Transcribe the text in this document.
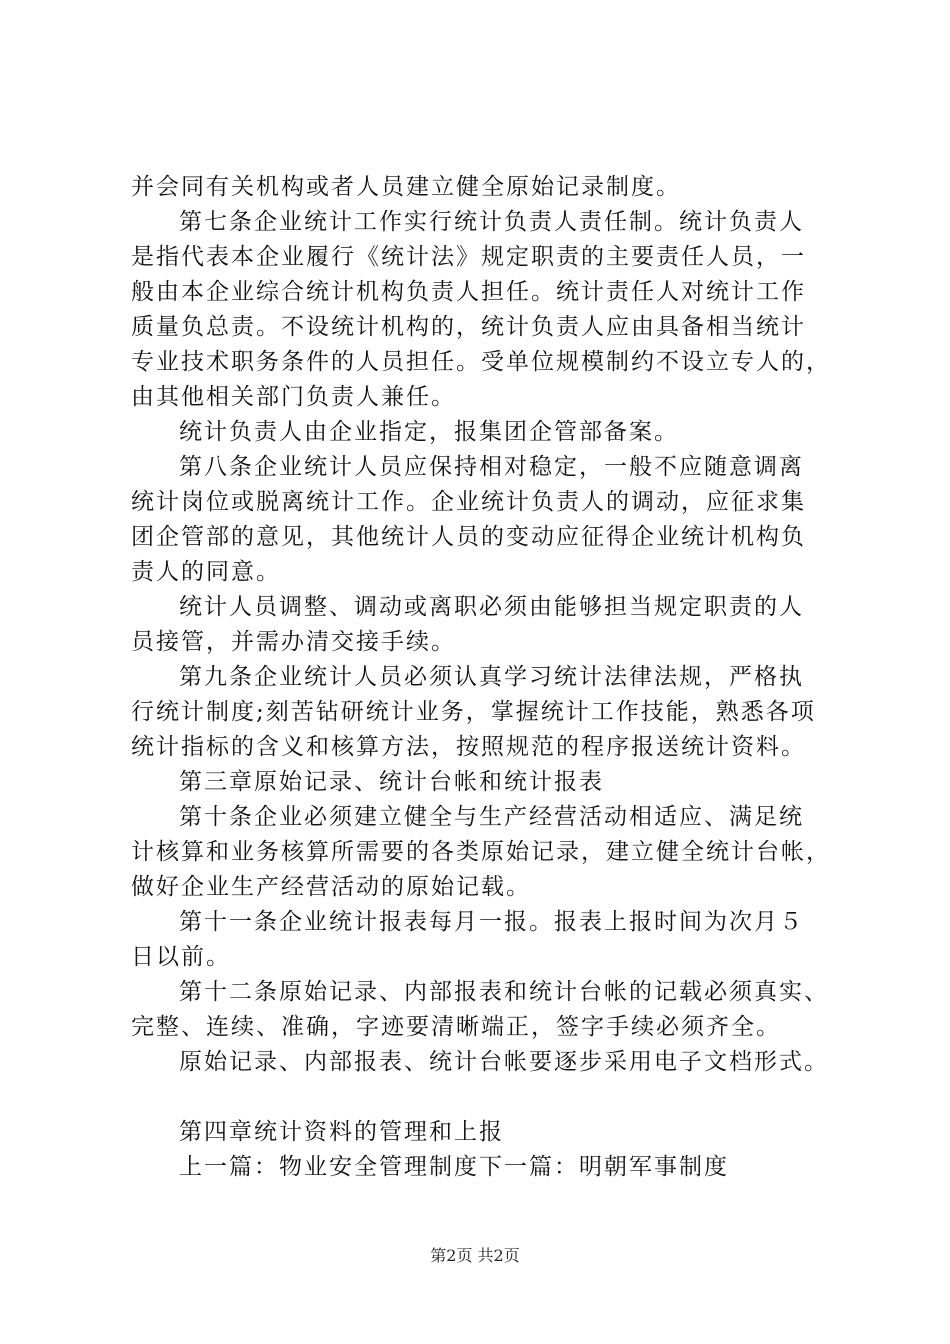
并会同有关机构或者人员建立健全原始记录制度。
第七条企业统计工作实行统计负责人责任制。统计负责人
是指代表本企业履行《统计法》规定职责的主要责任人员，一
般由本企业综合统计机构负责人担任。统计责任人对统计工作
质量负总责。不设统计机构的，统计负责人应由具备相当统计
专业技术职务条件的人员担任。受单位规模制约不设立专人的，
由其他相关部门负责人兼任。
统计负责人由企业指定，报集团企管部备案。
第八条企业统计人员应保持相对稳定，一般不应随意调离
统计岗位或脱离统计工作。企业统计负责人的调动，应征求集
团企管部的意见，其他统计人员的变动应征得企业统计机构负
责人的同意。
统计人员调整、调动或离职必须由能够担当规定职责的人
员接管，并需办清交接手续。
第九条企业统计人员必须认真学习统计法律法规，严格执
行统计制度;刻苦钻研统计业务，掌握统计工作技能，熟悉各项
统计指标的含义和核算方法，按照规范的程序报送统计资料。
第三章原始记录、统计台帐和统计报表
第十条企业必须建立健全与生产经营活动相适应、满足统
计核算和业务核算所需要的各类原始记录，建立健全统计台帐，
做好企业生产经营活动的原始记载。
第十一条企业统计报表每月一报。报表上报时间为次月５
日以前。
第十二条原始记录、内部报表和统计台帐的记载必须真实、
完整、连续、准确，字迹要清晰端正，签字手续必须齐全。
原始记录、内部报表、统计台帐要逐步采用电子文档形式。
第四章统计资料的管理和上报
上一篇：物业安全管理制度下一篇：明朝军事制度
第2页 共2页
